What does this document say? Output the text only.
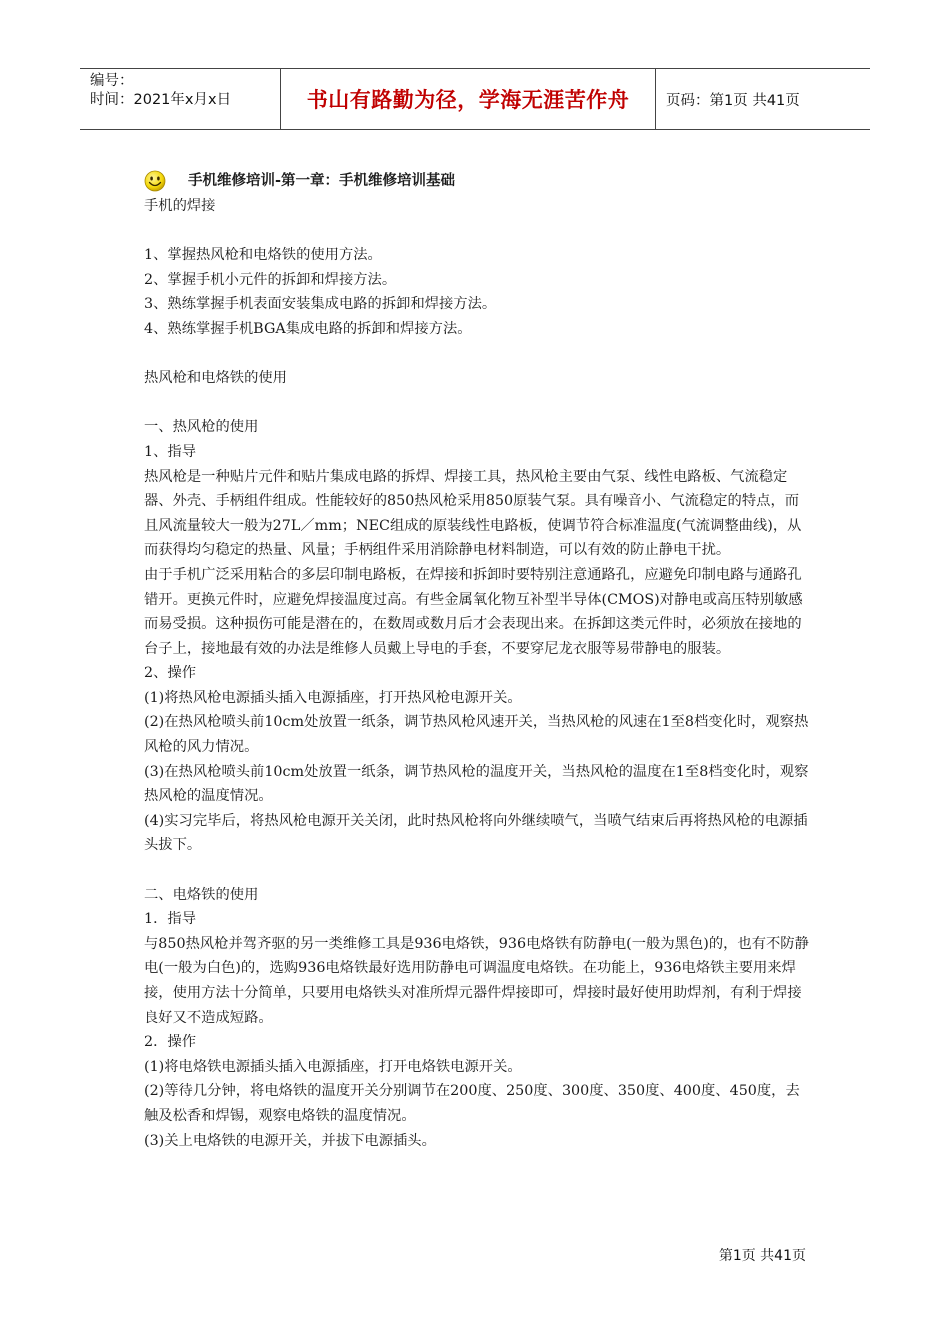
编号：
时间：2021年x月x日	书山有路勤为径，学海无涯苦作舟	页码：第1页 共41页
手机维修培训-第一章：手机维修培训基础

手机的焊接

1、掌握热风枪和电烙铁的使用方法。

2、掌握手机小元件的拆卸和焊接方法。

3、熟练掌握手机表面安装集成电路的拆卸和焊接方法。

4、熟练掌握手机BGA集成电路的拆卸和焊接方法。

热风枪和电烙铁的使用

一、热风枪的使用

1、指导

热风枪是一种贴片元件和贴片集成电路的拆焊、焊接工具，热风枪主要由气泵、线性电路板、气流稳定器、外壳、手柄组件组成。性能较好的850热风枪采用850原装气泵。具有噪音小、气流稳定的特点，而且风流量较大一般为27L／mm；NEC组成的原装线性电路板，使调节符合标准温度(气流调整曲线)，从而获得均匀稳定的热量、风量；手柄组件采用消除静电材料制造，可以有效的防止静电干扰。

由于手机广泛采用粘合的多层印制电路板，在焊接和拆卸时要特别注意通路孔，应避免印制电路与通路孔错开。更换元件时，应避免焊接温度过高。有些金属氧化物互补型半导体(CMOS)对静电或高压特别敏感而易受损。这种损伤可能是潜在的，在数周或数月后才会表现出来。在拆卸这类元件时，必须放在接地的台子上，接地最有效的办法是维修人员戴上导电的手套，不要穿尼龙衣服等易带静电的服装。

2、操作

(1)将热风枪电源插头插入电源插座，打开热风枪电源开关。

(2)在热风枪喷头前10cm处放置一纸条，调节热风枪风速开关，当热风枪的风速在1至8档变化时，观察热风枪的风力情况。

(3)在热风枪喷头前10cm处放置一纸条，调节热风枪的温度开关，当热风枪的温度在1至8档变化时，观察热风枪的温度情况。

(4)实习完毕后，将热风枪电源开关关闭，此时热风枪将向外继续喷气，当喷气结束后再将热风枪的电源插头拔下。

二、电烙铁的使用

1．指导

与850热风枪并驾齐驱的另一类维修工具是936电烙铁，936电烙铁有防静电(一般为黑色)的，也有不防静电(一般为白色)的，选购936电烙铁最好选用防静电可调温度电烙铁。在功能上，936电烙铁主要用来焊接，使用方法十分简单，只要用电烙铁头对准所焊元器件焊接即可，焊接时最好使用助焊剂，有利于焊接良好又不造成短路。

2．操作

(1)将电烙铁电源插头插入电源插座，打开电烙铁电源开关。

(2)等待几分钟，将电烙铁的温度开关分别调节在200度、250度、300度、350度、400度、450度，去触及松香和焊锡，观察电烙铁的温度情况。

(3)关上电烙铁的电源开关，并拔下电源插头。

第1页 共41页
